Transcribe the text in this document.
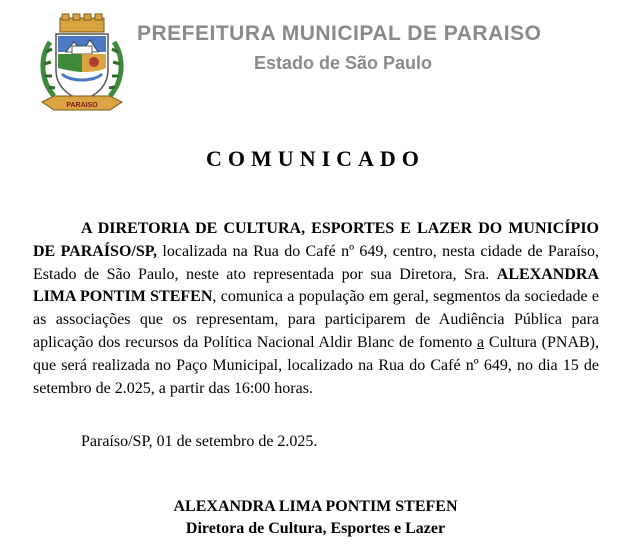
PARAISO
PREFEITURA MUNICIPAL DE PARAISO
Estado de São Paulo
COMUNICADO

A DIRETORIA DE CULTURA, ESPORTES E LAZER DO MUNICÍPIO DE PARAÍSO/SP, localizada na Rua do Café nº 649, centro, nesta cidade de Paraíso, Estado de São Paulo, neste ato representada por sua Diretora, Sra. ALEXANDRA LIMA PONTIM STEFEN, comunica a população em geral, segmentos da sociedade e as associações que os representam, para participarem de Audiência Pública para aplicação dos recursos da Política Nacional Aldir Blanc de fomento a Cultura (PNAB), que será realizada no Paço Municipal, localizado na Rua do Café nº 649, no dia 15 de setembro de 2.025, a partir das 16:00 horas.

Paraíso/SP, 01 de setembro de 2.025.
ALEXANDRA LIMA PONTIM STEFEN
Diretora de Cultura, Esportes e Lazer
